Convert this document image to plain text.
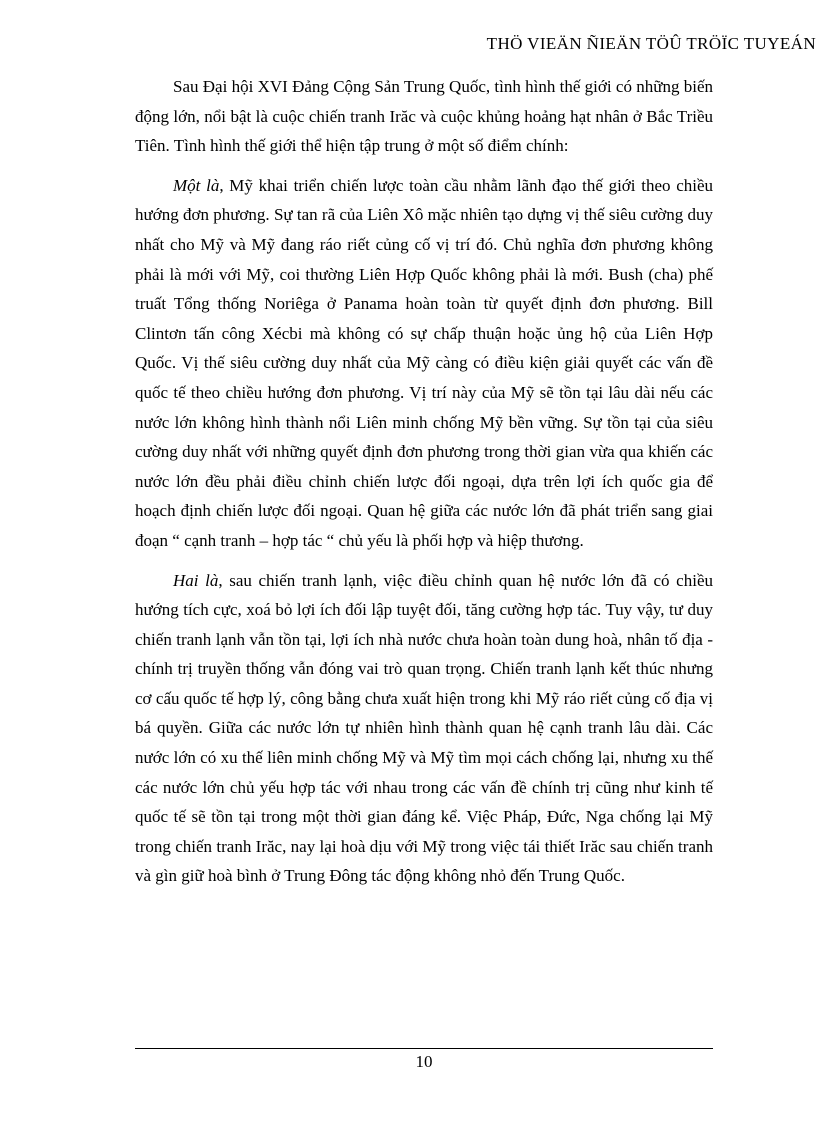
THÖ VIEÄN ÑIEÄN TÖÛ TRÖÏC TUYEÁN

Sau Đại hội XVI Đảng Cộng Sản Trung Quốc, tình hình thế giới có những biến động lớn, nổi bật là cuộc chiến tranh Irăc và cuộc khủng hoảng hạt nhân ở Bắc Triều Tiên. Tình hình thế giới thể hiện tập trung ở một số điểm chính:

Một là, Mỹ khai triển chiến lược toàn cầu nhằm lãnh đạo thế giới theo chiều hướng đơn phương. Sự tan rã của Liên Xô mặc nhiên tạo dựng vị thế siêu cường duy nhất cho Mỹ và Mỹ đang ráo riết củng cố vị trí đó. Chủ nghĩa đơn phương không phải là mới với Mỹ, coi thường Liên Hợp Quốc không phải là mới. Bush (cha) phế truất Tổng thống Noriêga ở Panama hoàn toàn từ quyết định đơn phương. Bill Clintơn tấn công Xécbi mà không có sự chấp thuận hoặc ủng hộ của Liên Hợp Quốc. Vị thế siêu cường duy nhất của Mỹ càng có điều kiện giải quyết các vấn đề quốc tế theo chiều hướng đơn phương. Vị trí này của Mỹ sẽ tồn tại lâu dài nếu các nước lớn không hình thành nổi Liên minh chống Mỹ bền vững. Sự tồn tại của siêu cường duy nhất với những quyết định đơn phương trong thời gian vừa qua khiến các nước lớn đều phải điều chỉnh chiến lược đối ngoại, dựa trên lợi ích quốc gia để hoạch định chiến lược đối ngoại. Quan hệ giữa các nước lớn đã phát triển sang giai đoạn “ cạnh tranh – hợp tác “ chủ yếu là phối hợp và hiệp thương.

Hai là, sau chiến tranh lạnh, việc điều chỉnh quan hệ nước lớn đã có chiều hướng tích cực, xoá bỏ lợi ích đối lập tuyệt đối, tăng cường hợp tác. Tuy vậy, tư duy chiến tranh lạnh vẫn tồn tại, lợi ích nhà nước chưa hoàn toàn dung hoà, nhân tố địa - chính trị truyền thống vẫn đóng vai trò quan trọng. Chiến tranh lạnh kết thúc nhưng cơ cấu quốc tế hợp lý, công bằng chưa xuất hiện trong khi Mỹ ráo riết củng cố địa vị bá quyền. Giữa các nước lớn tự nhiên hình thành quan hệ cạnh tranh lâu dài. Các nước lớn có xu thế liên minh chống Mỹ và Mỹ tìm mọi cách chống lại, nhưng xu thế các nước lớn chủ yếu hợp tác với nhau trong các vấn đề chính trị cũng như kinh tế quốc tế sẽ tồn tại trong một thời gian đáng kể. Việc Pháp, Đức, Nga chống lại Mỹ trong chiến tranh Irăc, nay lại hoà dịu với Mỹ trong việc tái thiết Irăc sau chiến tranh và gìn giữ hoà bình ở Trung Đông tác động không nhỏ đến Trung Quốc.

10
